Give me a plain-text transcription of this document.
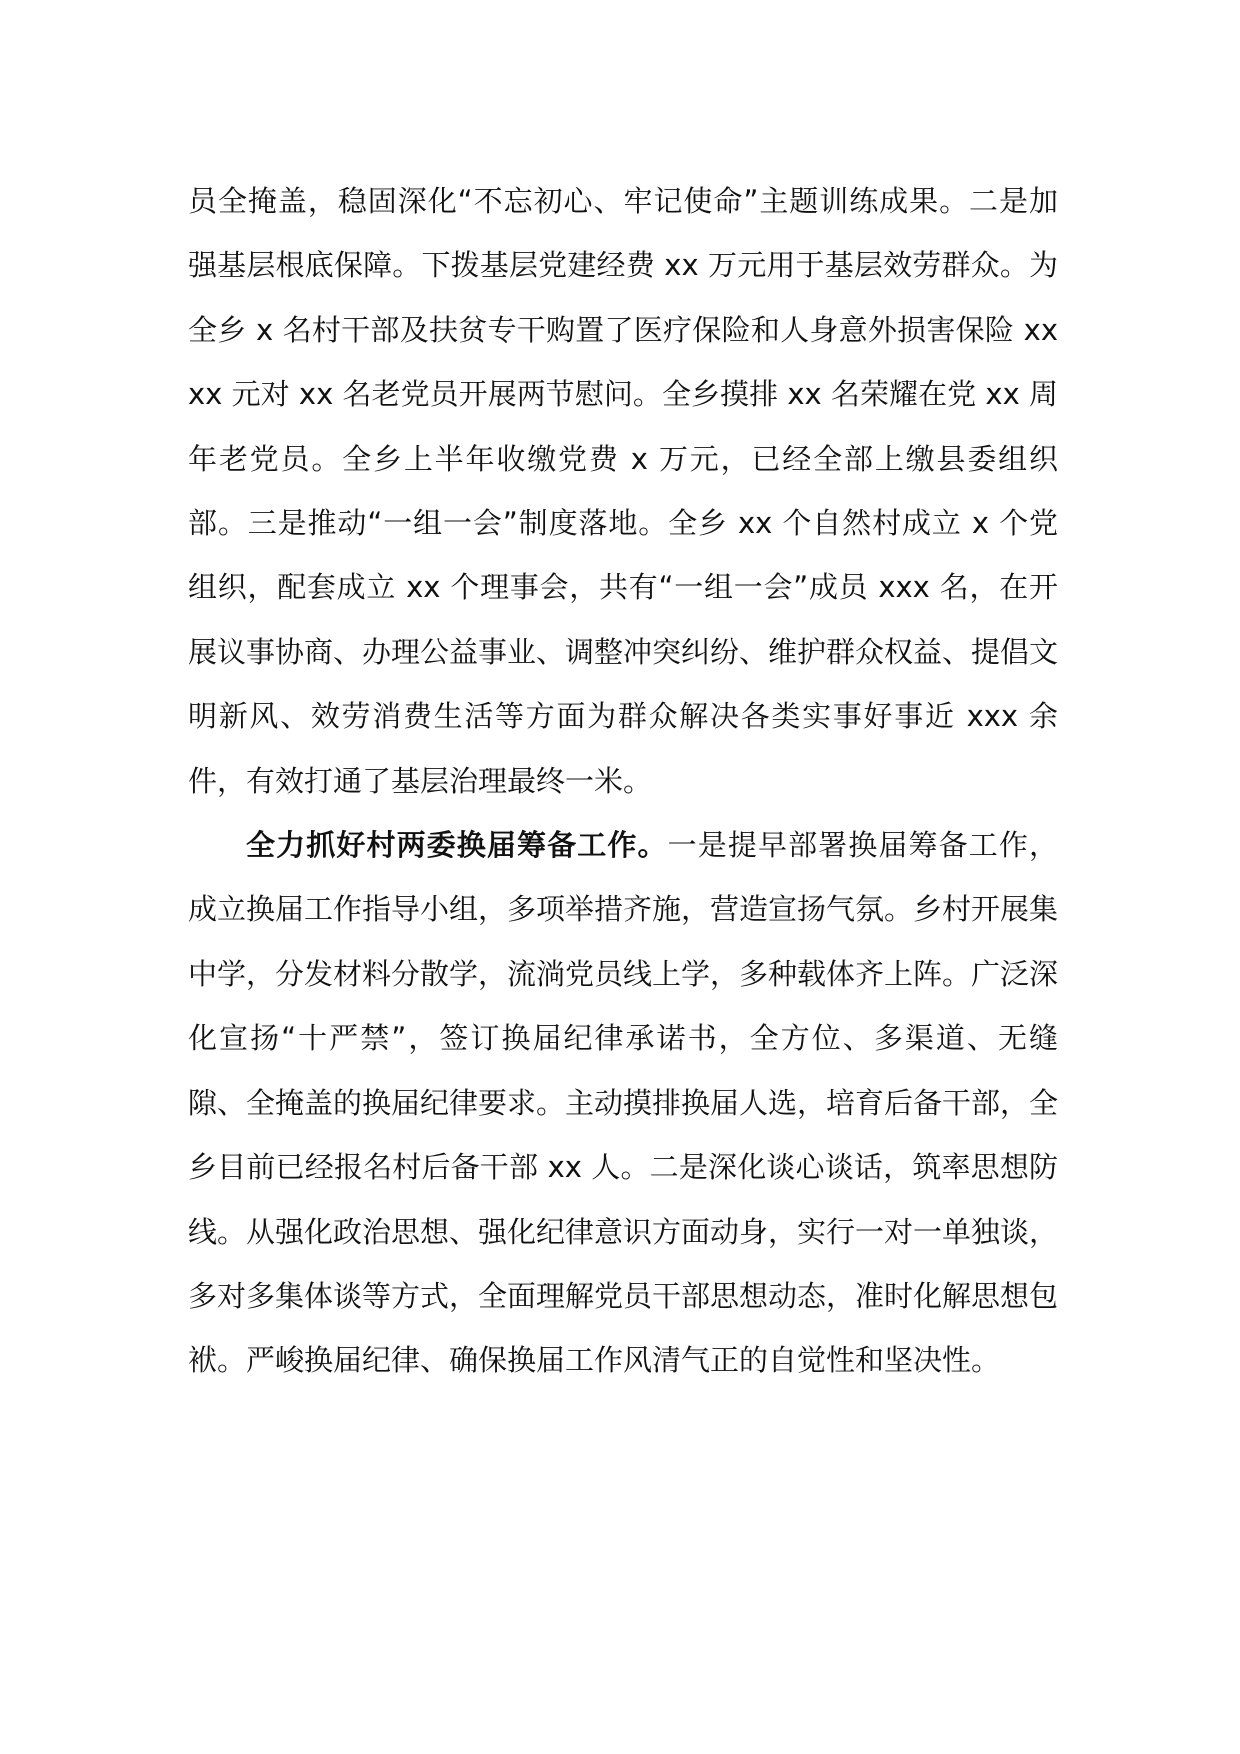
员全掩盖，稳固深化“不忘初心、牢记使命”主题训练成果。二是加强基层根底保障。下拨基层党建经费 xx 万元用于基层效劳群众。为全乡 x 名村干部及扶贫专干购置了医疗保险和人身意外损害保险 xxxx 元对 xx 名老党员开展两节慰问。全乡摸排 xx 名荣耀在党 xx 周年老党员。全乡上半年收缴党费 x 万元，已经全部上缴县委组织部。三是推动“一组一会”制度落地。全乡 xx 个自然村成立 x 个党组织，配套成立 xx 个理事会，共有“一组一会”成员 xxx 名，在开展议事协商、办理公益事业、调整冲突纠纷、维护群众权益、提倡文明新风、效劳消费生活等方面为群众解决各类实事好事近 xxx 余件，有效打通了基层治理最终一米。

全力抓好村两委换届筹备工作。一是提早部署换届筹备工作，成立换届工作指导小组，多项举措齐施，营造宣扬气氛。乡村开展集中学，分发材料分散学，流淌党员线上学，多种载体齐上阵。广泛深化宣扬“十严禁”，签订换届纪律承诺书，全方位、多渠道、无缝隙、全掩盖的换届纪律要求。主动摸排换届人选，培育后备干部，全乡目前已经报名村后备干部 xx 人。二是深化谈心谈话，筑率思想防线。从强化政治思想、强化纪律意识方面动身，实行一对一单独谈，多对多集体谈等方式，全面理解党员干部思想动态，准时化解思想包袱。严峻换届纪律、确保换届工作风清气正的自觉性和坚决性。
